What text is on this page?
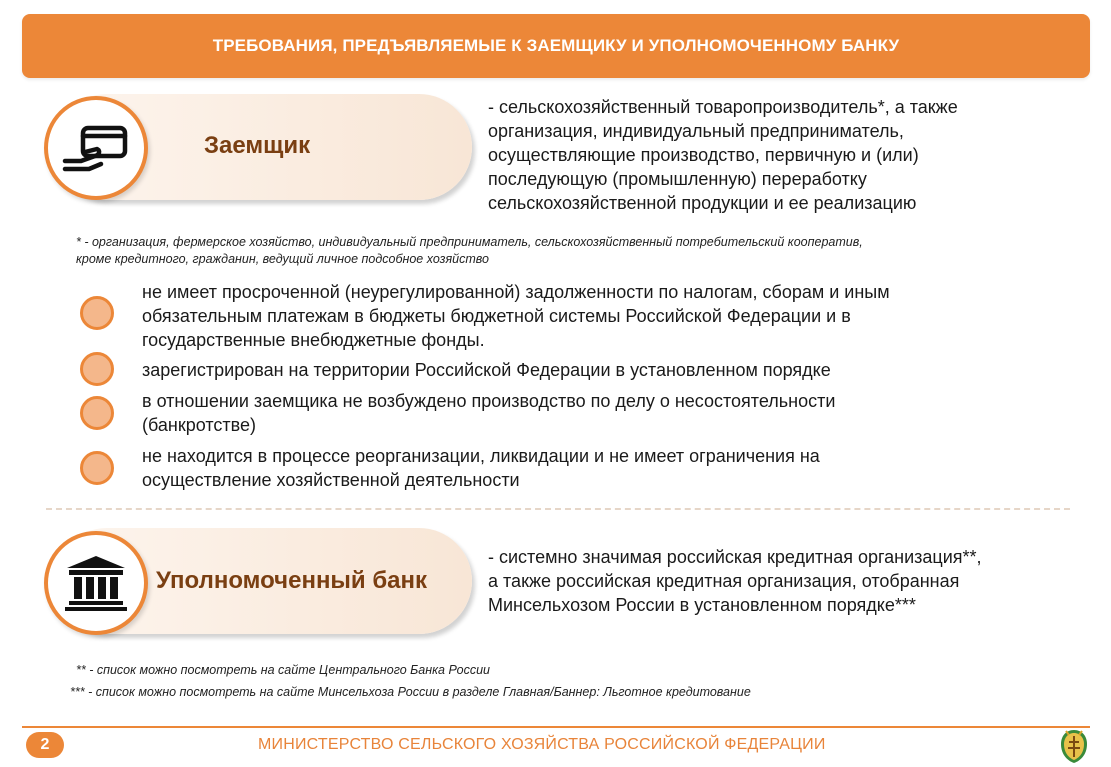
ТРЕБОВАНИЯ, ПРЕДЪЯВЛЯЕМЫЕ К ЗАЕМЩИКУ И УПОЛНОМОЧЕННОМУ БАНКУ
Заемщик
- сельскохозяйственный товаропроизводитель*, а также
организация, индивидуальный предприниматель,
осуществляющие производство, первичную и (или)
последующую (промышленную) переработку
сельскохозяйственной продукции и ее реализацию
* - организация, фермерское хозяйство, индивидуальный предприниматель, сельскохозяйственный потребительский кооператив,
кроме кредитного, гражданин, ведущий личное подсобное хозяйство
не имеет просроченной (неурегулированной) задолженности по налогам, сборам и иным
обязательным платежам в бюджеты бюджетной системы Российской Федерации и в
государственные внебюджетные фонды.
зарегистрирован на территории Российской Федерации в установленном порядке
в отношении заемщика не возбуждено производство по делу о несостоятельности
(банкротстве)
не находится в процессе реорганизации, ликвидации и не имеет ограничения на
осуществление хозяйственной деятельности
Уполномоченный банк
- системно значимая российская кредитная организация**,
а также российская кредитная организация, отобранная
Минсельхозом России в установленном порядке***
** - список можно посмотреть на сайте Центрального Банка России
*** - список можно посмотреть на сайте Минсельхоза России в разделе Главная/Баннер: Льготное кредитование
2	МИНИСТЕРСТВО СЕЛЬСКОГО ХОЗЯЙСТВА РОССИЙСКОЙ ФЕДЕРАЦИИ
